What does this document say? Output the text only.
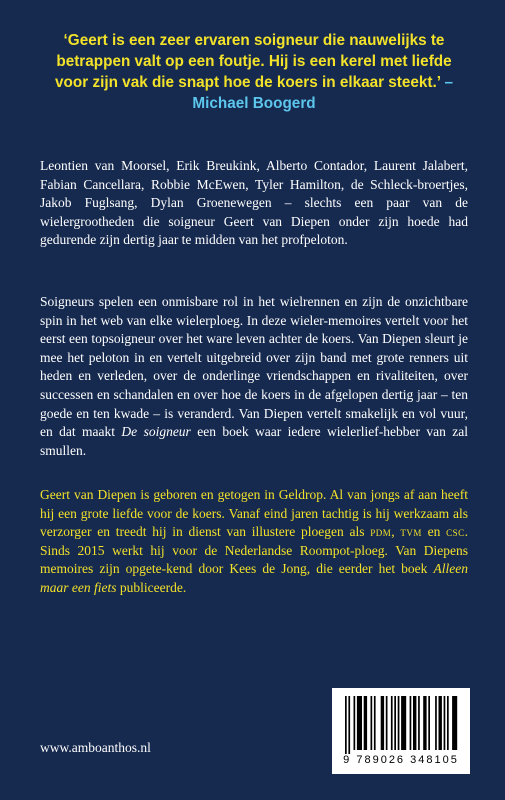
‘Geert is een zeer ervaren soigneur die nauwelijks te betrappen valt op een foutje. Hij is een kerel met liefde voor zijn vak die snapt hoe de koers in elkaar steekt.’ – Michael Boogerd

Leontien van Moorsel, Erik Breukink, Alberto Contador, Laurent Jalabert, Fabian Cancellara, Robbie McEwen, Tyler Hamilton, de Schleck-broertjes, Jakob Fuglsang, Dylan Groenewegen – slechts een paar van de wielergrootheden die soigneur Geert van Diepen onder zijn hoede had gedurende zijn dertig jaar te midden van het profpeloton.

Soigneurs spelen een onmisbare rol in het wielrennen en zijn de onzichtbare spin in het web van elke wielerploeg. In deze wieler-memoires vertelt voor het eerst een topsoigneur over het ware leven achter de koers. Van Diepen sleurt je mee het peloton in en vertelt uitgebreid over zijn band met grote renners uit heden en verleden, over de onderlinge vriendschappen en rivaliteiten, over successen en schandalen en over hoe de koers in de afgelopen dertig jaar – ten goede en ten kwade – is veranderd. Van Diepen vertelt smakelijk en vol vuur, en dat maakt De soigneur een boek waar iedere wielerlief-hebber van zal smullen.

Geert van Diepen is geboren en getogen in Geldrop. Al van jongs af aan heeft hij een grote liefde voor de koers. Vanaf eind jaren tachtig is hij werkzaam als verzorger en treedt hij in dienst van illustere ploegen als pdm, tvm en csc. Sinds 2015 werkt hij voor de Nederlandse Roompot-ploeg. Van Diepens memoires zijn opgete-kend door Kees de Jong, die eerder het boek Alleen maar een fiets publiceerde.

www.amboanthos.nl
9 789026 348105
